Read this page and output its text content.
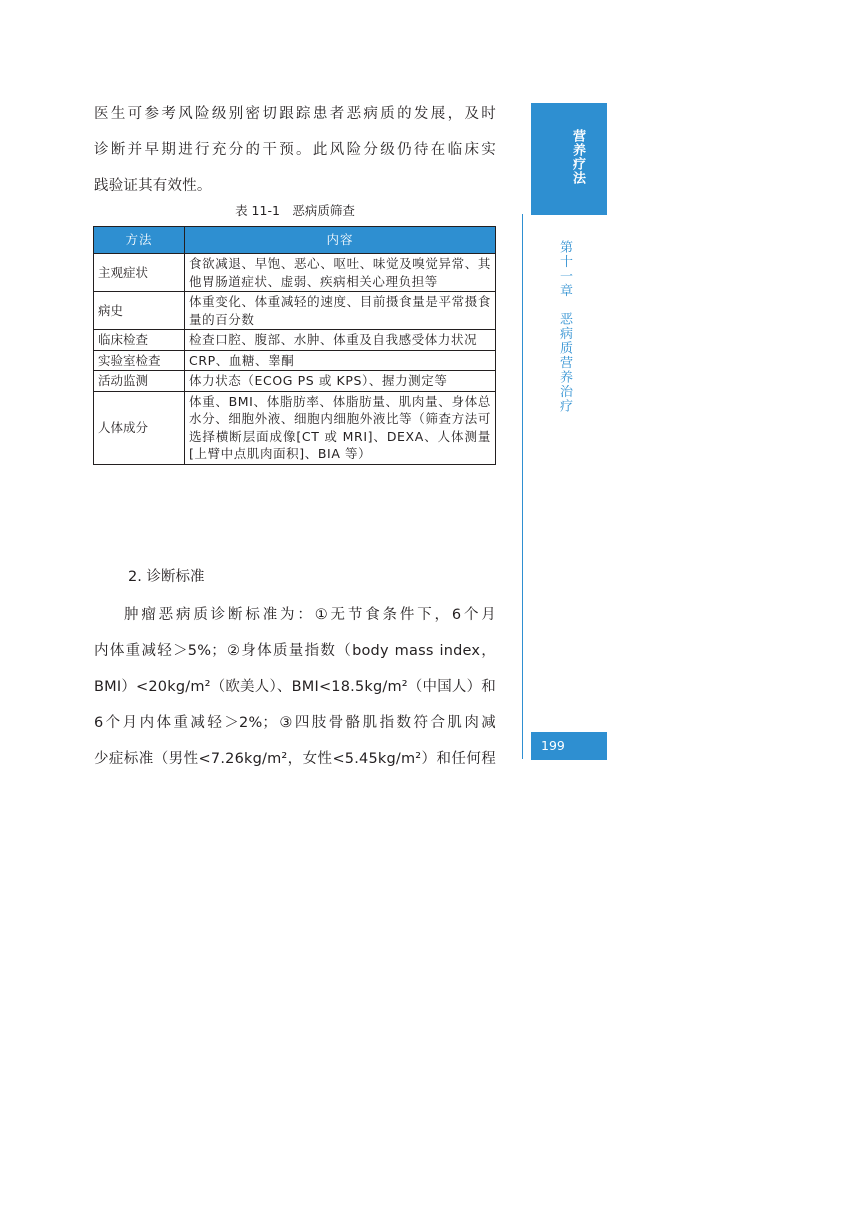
医生可参考风险级别密切跟踪患者恶病质的发展，及时

诊断并早期进行充分的干预。此风险分级仍待在临床实

践验证其有效性。

表 11-1　恶病质筛查
方法	内容
主观症状	食欲减退、早饱、恶心、呕吐、味觉及嗅觉异常、其他胃肠道症状、虚弱、疾病相关心理负担等
病史	体重变化、体重减轻的速度、目前摄食量是平常摄食量的百分数
临床检查	检查口腔、腹部、水肿、体重及自我感受体力状况
实验室检查	CRP、血糖、睾酮
活动监测	体力状态（ECOG PS 或 KPS）、握力测定等
人体成分	体重、BMI、体脂肪率、体脂肪量、肌肉量、身体总水分、细胞外液、细胞内细胞外液比等（筛查方法可选择横断层面成像[CT 或 MRI]、DEXA、人体测量[上臂中点肌肉面积]、BIA 等）
2. 诊断标准

肿瘤恶病质诊断标准为：①无节食条件下，6个月

内体重减轻＞5%；②身体质量指数（body mass index，

BMI）<20kg/m²（欧美人）、BMI<18.5kg/m²（中国人）和

6个月内体重减轻＞2%；③四肢骨骼肌指数符合肌肉减

少症标准（男性<7.26kg/m²，女性<5.45kg/m²）和任何程

营养疗法
第十一章恶病质营养治疗
199
